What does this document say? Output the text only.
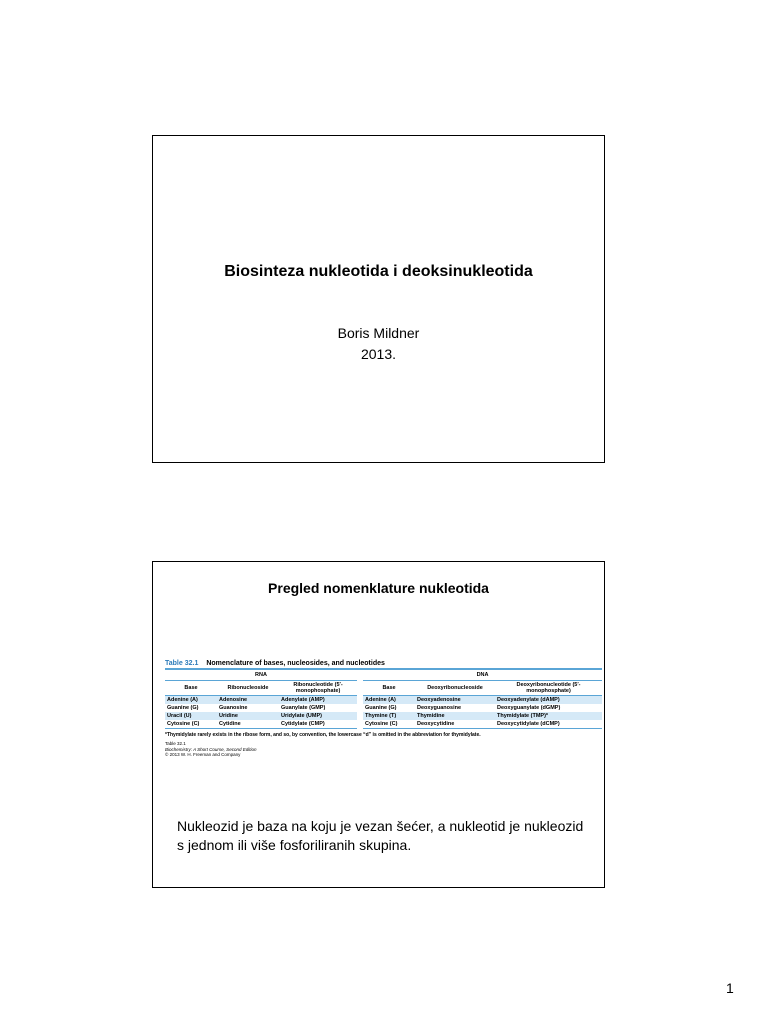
Biosinteza nukleotida i deoksinukleotida
Boris Mildner
2013.
Pregled nomenklature nukleotida
Table 32.1 Nomenclature of bases, nucleosides, and nucleotides
RNA				DNA		
Base	Ribonucleoside	Ribonucleotide (5′-monophosphate)		Base	Deoxyribonucleoside	Deoxyribonucleotide (5′-monophosphate)
Adenine (A)	Adenosine	Adenylate (AMP)		Adenine (A)	Deoxyadenosine	Deoxyadenylate (dAMP)
Guanine (G)	Guanosine	Guanylate (GMP)		Guanine (G)	Deoxyguanosine	Deoxyguanylate (dGMP)
Uracil (U)	Uridine	Uridylate (UMP)		Thymine (T)	Thymidine	Thymidylate (TMP)*
Cytosine (C)	Cytidine	Cytidylate (CMP)		Cytosine (C)	Deoxycytidine	Deoxycytidylate (dCMP)
*Thymidylate rarely exists in the ribose form, and so, by convention, the lowercase “d” is omitted in the abbreviation for thymidylate.
Table 32.1
Biochemistry: A Short Course, Second Edition
© 2013 W. H. Freeman and Company
Nukleozid je baza na koju je vezan šećer, a nukleotid je nukleozid s jednom ili više fosforiliranih skupina.
1
